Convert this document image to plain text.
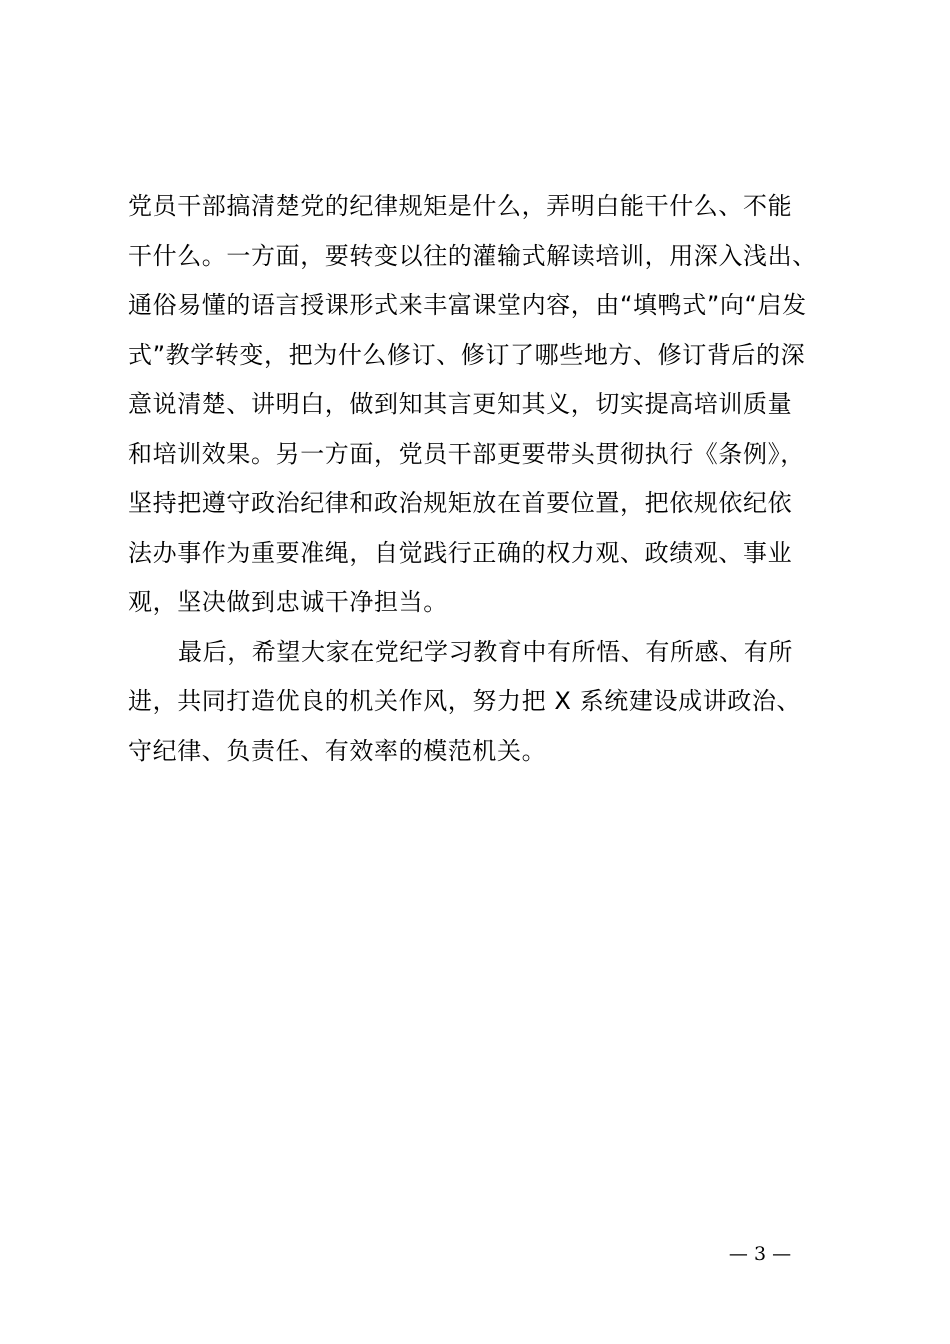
党员干部搞清楚党的纪律规矩是什么，弄明白能干什么、不能
干什么。一方面，要转变以往的灌输式解读培训，用深入浅出、
通俗易懂的语言授课形式来丰富课堂内容，由“填鸭式”向“启发
式”教学转变，把为什么修订、修订了哪些地方、修订背后的深
意说清楚、讲明白，做到知其言更知其义，切实提高培训质量
和培训效果。另一方面，党员干部更要带头贯彻执行《条例》，
坚持把遵守政治纪律和政治规矩放在首要位置，把依规依纪依
法办事作为重要准绳，自觉践行正确的权力观、政绩观、事业
观，坚决做到忠诚干净担当。
最后，希望大家在党纪学习教育中有所悟、有所感、有所
进，共同打造优良的机关作风，努力把 X 系统建设成讲政治、
守纪律、负责任、有效率的模范机关。
— 3 —
